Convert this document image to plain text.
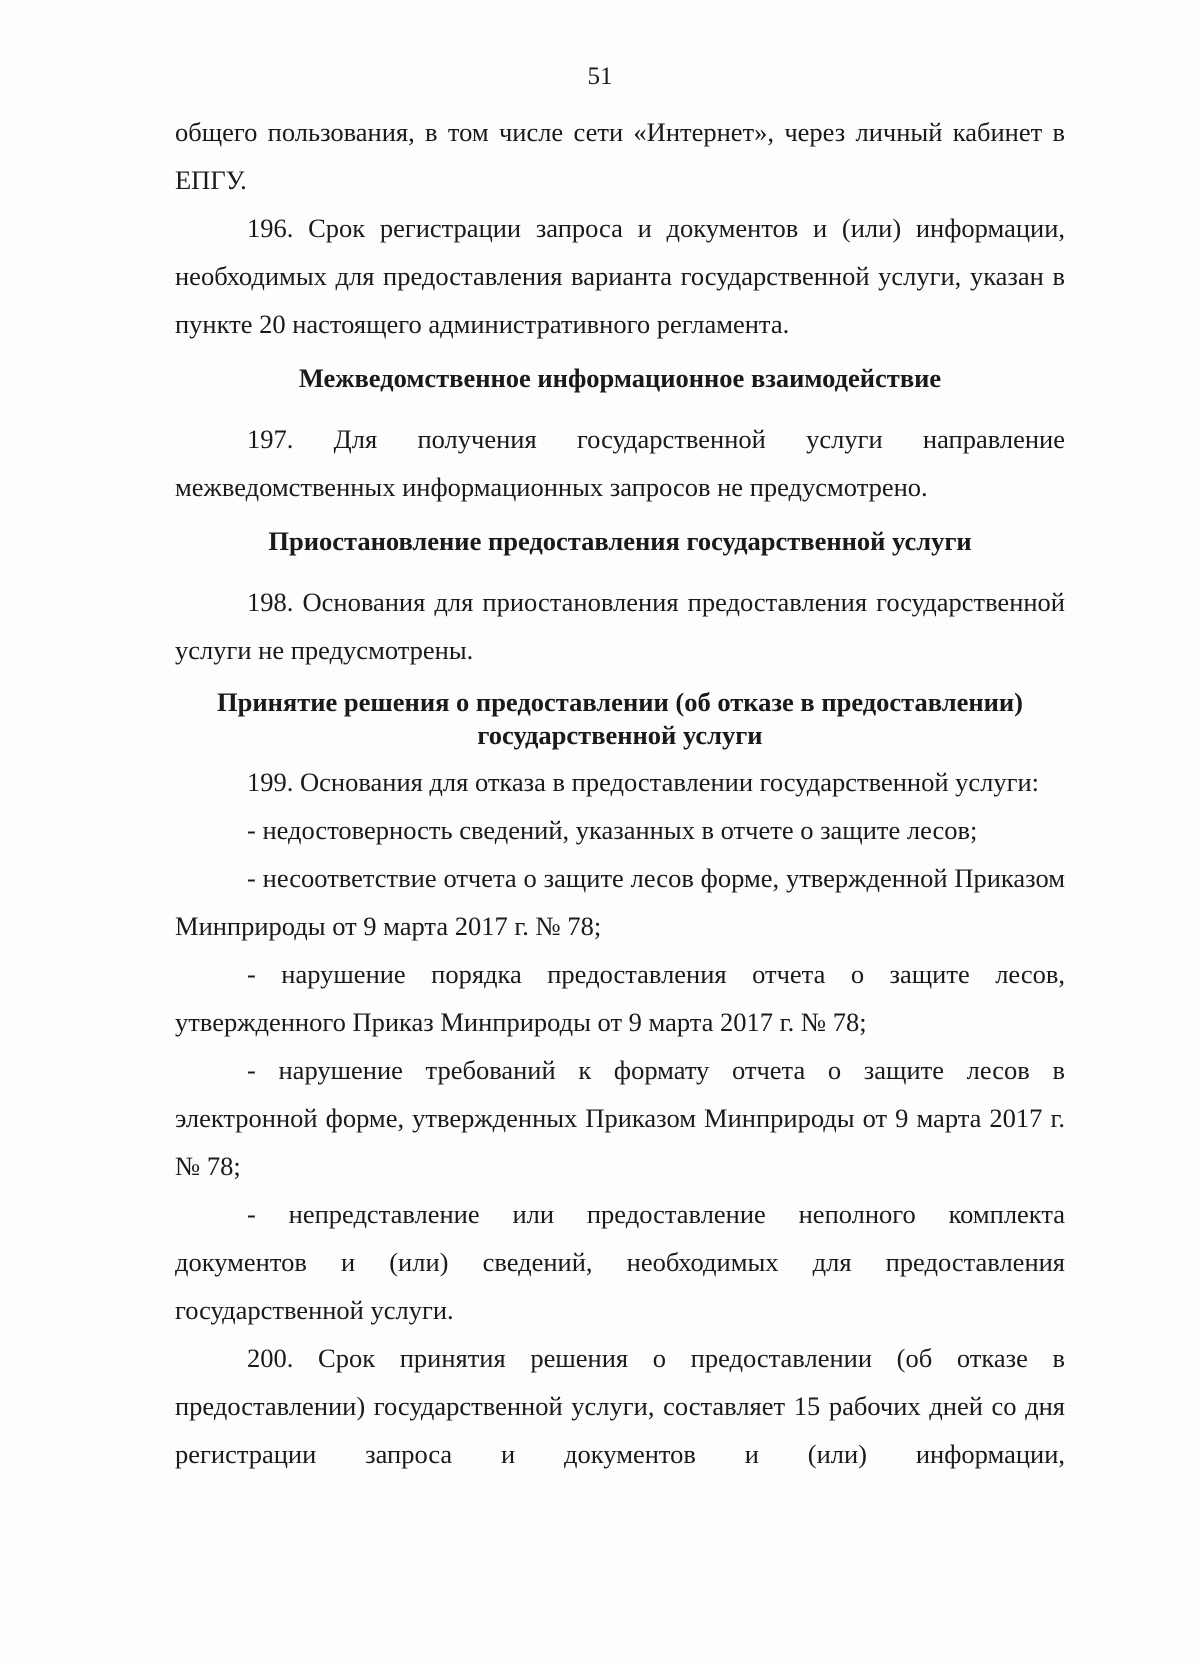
51

общего пользования, в том числе сети «Интернет», через личный кабинет в ЕПГУ.

196. Срок регистрации запроса и документов и (или) информации, необходимых для предоставления варианта государственной услуги, указан в пункте 20 настоящего административного регламента.

Межведомственное информационное взаимодействие

197. Для получения государственной услуги направление межведомственных информационных запросов не предусмотрено.

Приостановление предоставления государственной услуги

198. Основания для приостановления предоставления государственной услуги не предусмотрены.

Принятие решения о предоставлении (об отказе в предоставлении)

государственной услуги

199. Основания для отказа в предоставлении государственной услуги:

- недостоверность сведений, указанных в отчете о защите лесов;

- несоответствие отчета о защите лесов форме, утвержденной Приказом Минприроды от 9 марта 2017 г. № 78;

- нарушение порядка предоставления отчета о защите лесов, утвержденного Приказ Минприроды от 9 марта 2017 г. № 78;

- нарушение требований к формату отчета о защите лесов в электронной форме, утвержденных Приказом Минприроды от 9 марта 2017 г. № 78;

- непредставление или предоставление неполного комплекта документов и (или) сведений, необходимых для предоставления государственной услуги.

200. Срок принятия решения о предоставлении (об отказе в предоставлении) государственной услуги, составляет 15 рабочих дней со дня регистрации запроса и документов и (или) информации,
